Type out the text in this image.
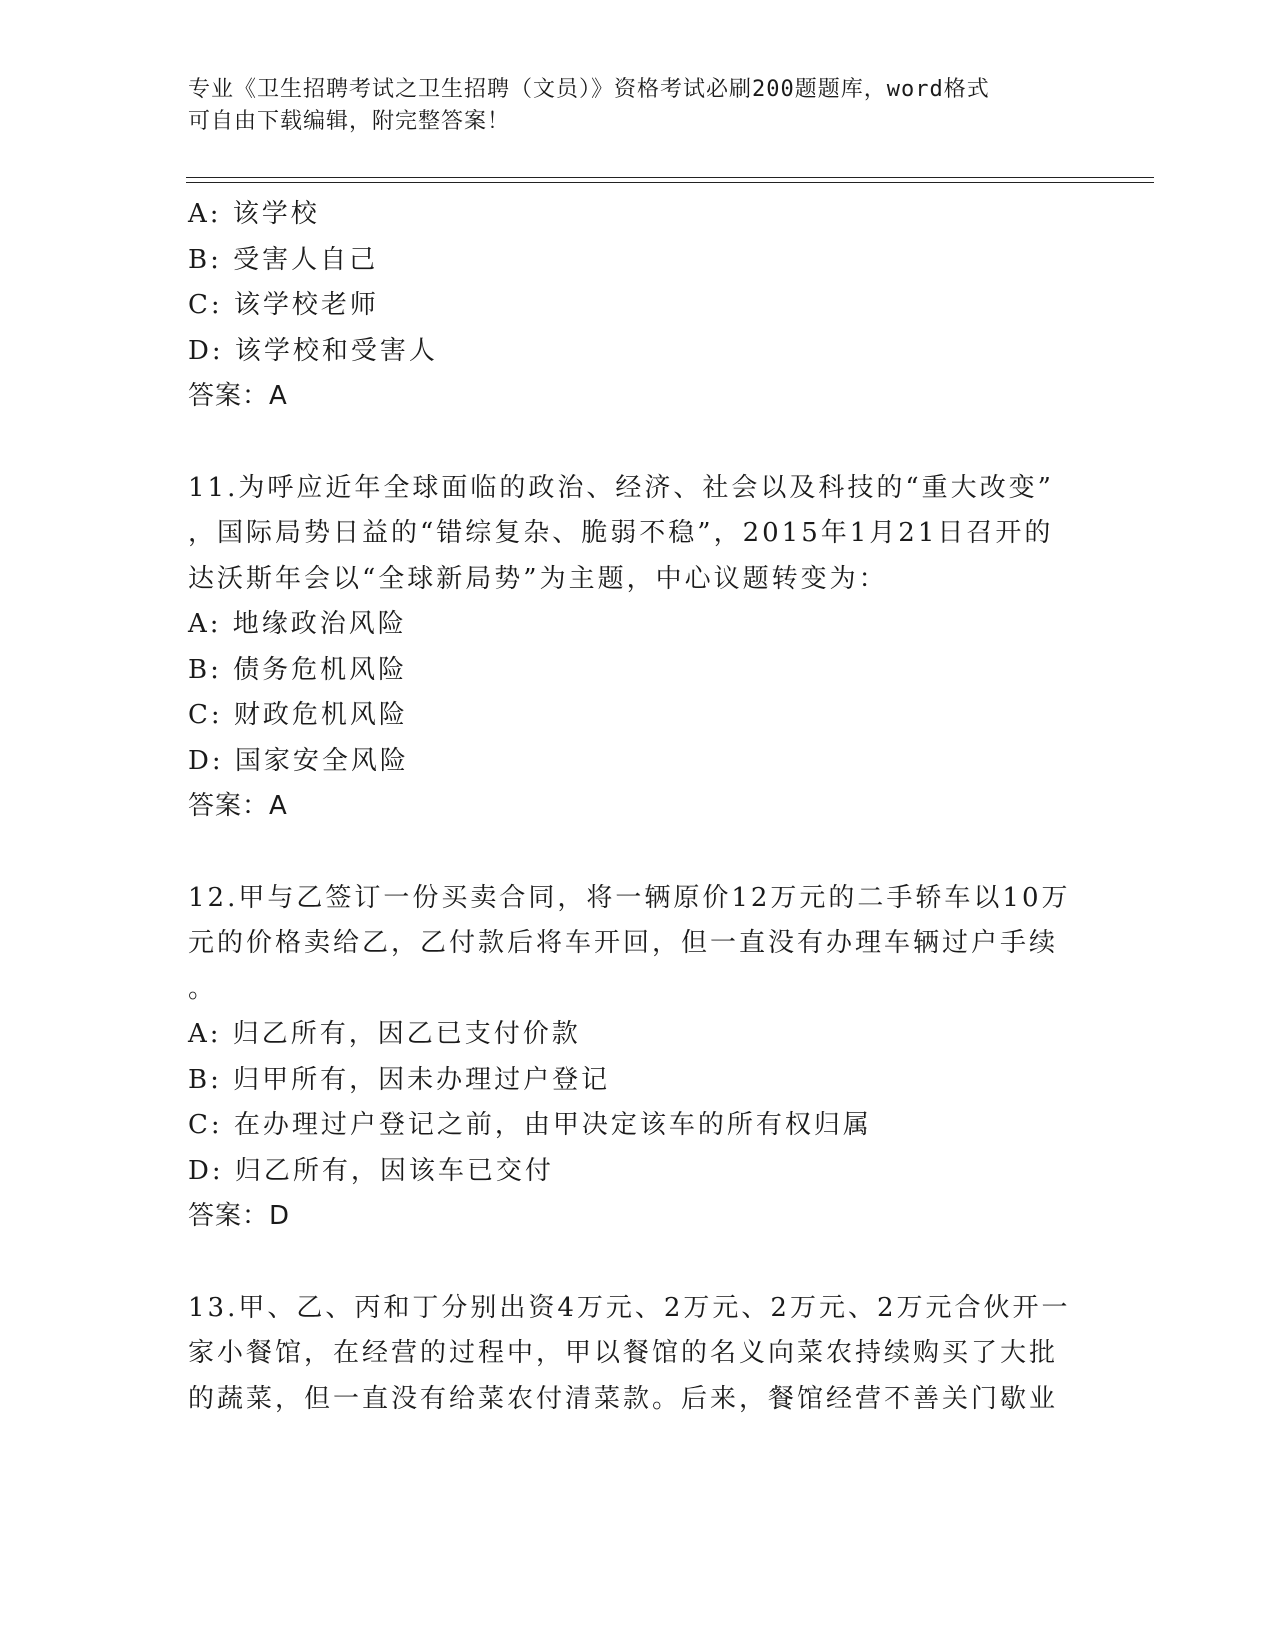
专业《卫生招聘考试之卫生招聘（文员）》资格考试必刷200题题库，word格式
可自由下载编辑，附完整答案！
A: 该学校
B: 受害人自己
C: 该学校老师
D: 该学校和受害人
答案：A
11.为呼应近年全球面临的政治、经济、社会以及科技的“重大改变”
，国际局势日益的“错综复杂、脆弱不稳”，2015年1月21日召开的
达沃斯年会以“全球新局势”为主题，中心议题转变为：
A: 地缘政治风险
B: 债务危机风险
C: 财政危机风险
D: 国家安全风险
答案：A
12.甲与乙签订一份买卖合同，将一辆原价12万元的二手轿车以10万
元的价格卖给乙，乙付款后将车开回，但一直没有办理车辆过户手续
。
A: 归乙所有，因乙已支付价款
B: 归甲所有，因未办理过户登记
C: 在办理过户登记之前，由甲决定该车的所有权归属
D: 归乙所有，因该车已交付
答案：D
13.甲、乙、丙和丁分别出资4万元、2万元、2万元、2万元合伙开一
家小餐馆，在经营的过程中，甲以餐馆的名义向菜农持续购买了大批
的蔬菜，但一直没有给菜农付清菜款。后来，餐馆经营不善关门歇业
